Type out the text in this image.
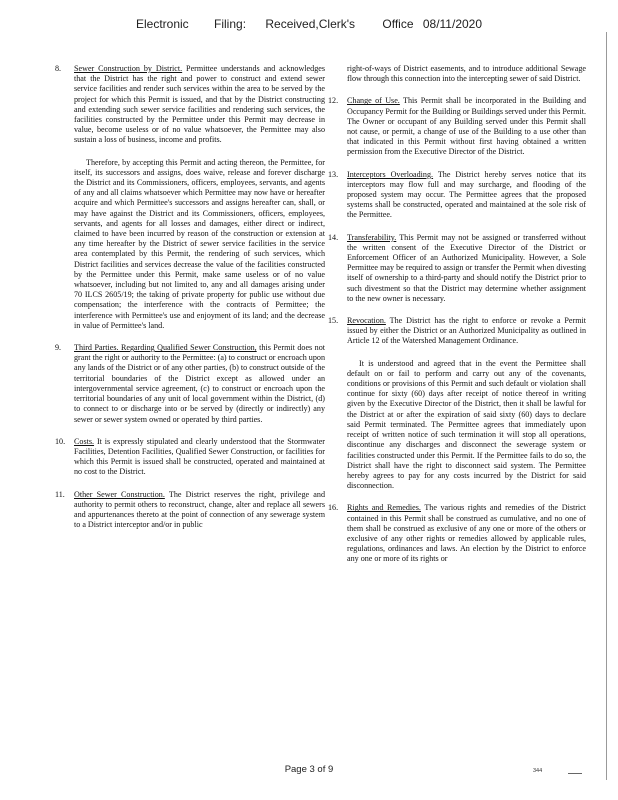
Electronic Filing: Received,Clerk's Office 08/11/2020
8. Sewer Construction by District. Permittee understands and acknowledges that the District has the right and power to construct and extend sewer service facilities and render such services within the area to be served by the project for which this Permit is issued, and that by the District constructing and extending such sewer service facilities and rendering such services, the facilities constructed by the Permittee under this Permit may decrease in value, become useless or of no value whatsoever, the Permittee may also sustain a loss of business, income and profits.

Therefore, by accepting this Permit and acting thereon, the Permittee, for itself, its successors and assigns, does waive, release and forever discharge the District and its Commissioners, officers, employees, servants, and agents of any and all claims whatsoever which Permittee may now have or hereafter acquire and which Permittee's successors and assigns hereafter can, shall, or may have against the District and its Commissioners, officers, employees, servants, and agents for all losses and damages, either direct or indirect, claimed to have been incurred by reason of the construction or extension at any time hereafter by the District of sewer service facilities in the service area contemplated by this Permit, the rendering of such services, which District facilities and services decrease the value of the facilities constructed by the Permittee under this Permit, make same useless or of no value whatsoever, including but not limited to, any and all damages arising under 70 ILCS 2605/19; the taking of private property for public use without due compensation; the interference with the contracts of Permittee; the interference with Permittee's use and enjoyment of its land; and the decrease in value of Permittee's land.

9. Third Parties. Regarding Qualified Sewer Construction, this Permit does not grant the right or authority to the Permittee: (a) to construct or encroach upon any lands of the District or of any other parties, (b) to construct outside of the territorial boundaries of the District except as allowed under an intergovernmental service agreement, (c) to construct or encroach upon the territorial boundaries of any unit of local government within the District, (d) to connect to or discharge into or be served by (directly or indirectly) any sewer or sewer system owned or operated by third parties.
10. Costs. It is expressly stipulated and clearly understood that the Stormwater Facilities, Detention Facilities, Qualified Sewer Construction, or facilities for which this Permit is issued shall be constructed, operated and maintained at no cost to the District.
11. Other Sewer Construction. The District reserves the right, privilege and authority to permit others to reconstruct, change, alter and replace all sewers and appurtenances thereto at the point of connection of any sewerage system to a District interceptor and/or in public

right-of-ways of District easements, and to introduce additional Sewage flow through this connection into the intercepting sewer of said District.

12. Change of Use. This Permit shall be incorporated in the Building and Occupancy Permit for the Building or Buildings served under this Permit. The Owner or occupant of any Building served under this Permit shall not cause, or permit, a change of use of the Building to a use other than that indicated in this Permit without first having obtained a written permission from the Executive Director of the District.
13. Interceptors Overloading. The District hereby serves notice that its interceptors may flow full and may surcharge, and flooding of the proposed system may occur. The Permittee agrees that the proposed systems shall be constructed, operated and maintained at the sole risk of the Permittee.
14. Transferability. This Permit may not be assigned or transferred without the written consent of the Executive Director of the District or Enforcement Officer of an Authorized Municipality. However, a Sole Permittee may be required to assign or transfer the Permit when divesting itself of ownership to a third-party and should notify the District prior to such divestment so that the District may determine whether assignment to the new owner is necessary.
15. Revocation. The District has the right to enforce or revoke a Permit issued by either the District or an Authorized Municipality as outlined in Article 12 of the Watershed Management Ordinance.

It is understood and agreed that in the event the Permittee shall default on or fail to perform and carry out any of the covenants, conditions or provisions of this Permit and such default or violation shall continue for sixty (60) days after receipt of notice thereof in writing given by the Executive Director of the District, then it shall be lawful for the District at or after the expiration of said sixty (60) days to declare said Permit terminated. The Permittee agrees that immediately upon receipt of written notice of such termination it will stop all operations, discontinue any discharges and disconnect the sewerage system or facilities constructed under this Permit. If the Permittee fails to do so, the District shall have the right to disconnect said system. The Permittee hereby agrees to pay for any costs incurred by the District for said disconnection.

16. Rights and Remedies. The various rights and remedies of the District contained in this Permit shall be construed as cumulative, and no one of them shall be construed as exclusive of any one or more of the others or exclusive of any other rights or remedies allowed by applicable rules, regulations, ordinances and laws. An election by the District to enforce any one or more of its rights or
Page 3 of 9	344
